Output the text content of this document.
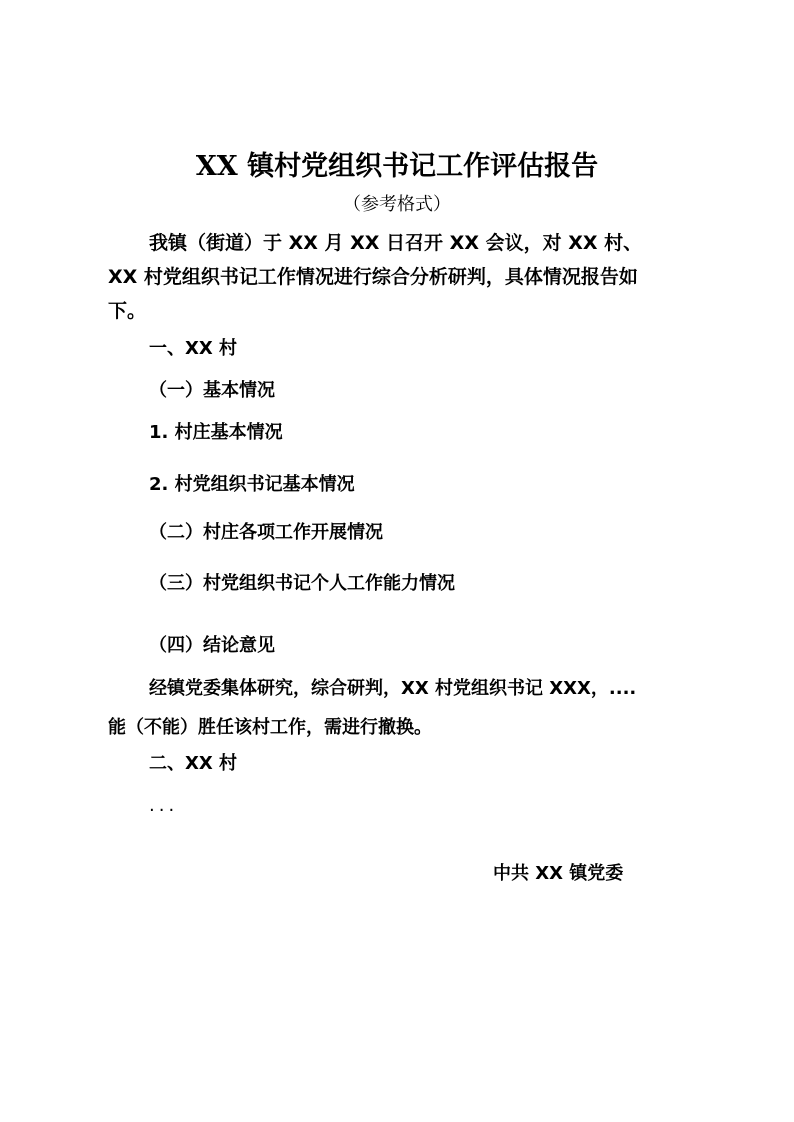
XX 镇村党组织书记工作评估报告
（参考格式）
我镇（街道）于 XX 月 XX 日召开 XX 会议，对 XX 村、
XX 村党组织书记工作情况进行综合分析研判，具体情况报告如
下。
一、XX 村
（一）基本情况
1. 村庄基本情况
2. 村党组织书记基本情况
（二）村庄各项工作开展情况
（三）村党组织书记个人工作能力情况
（四）结论意见
经镇党委集体研究，综合研判，XX 村党组织书记 XXX，....
能（不能）胜任该村工作，需进行撤换。
二、XX 村
...
中共 XX 镇党委
